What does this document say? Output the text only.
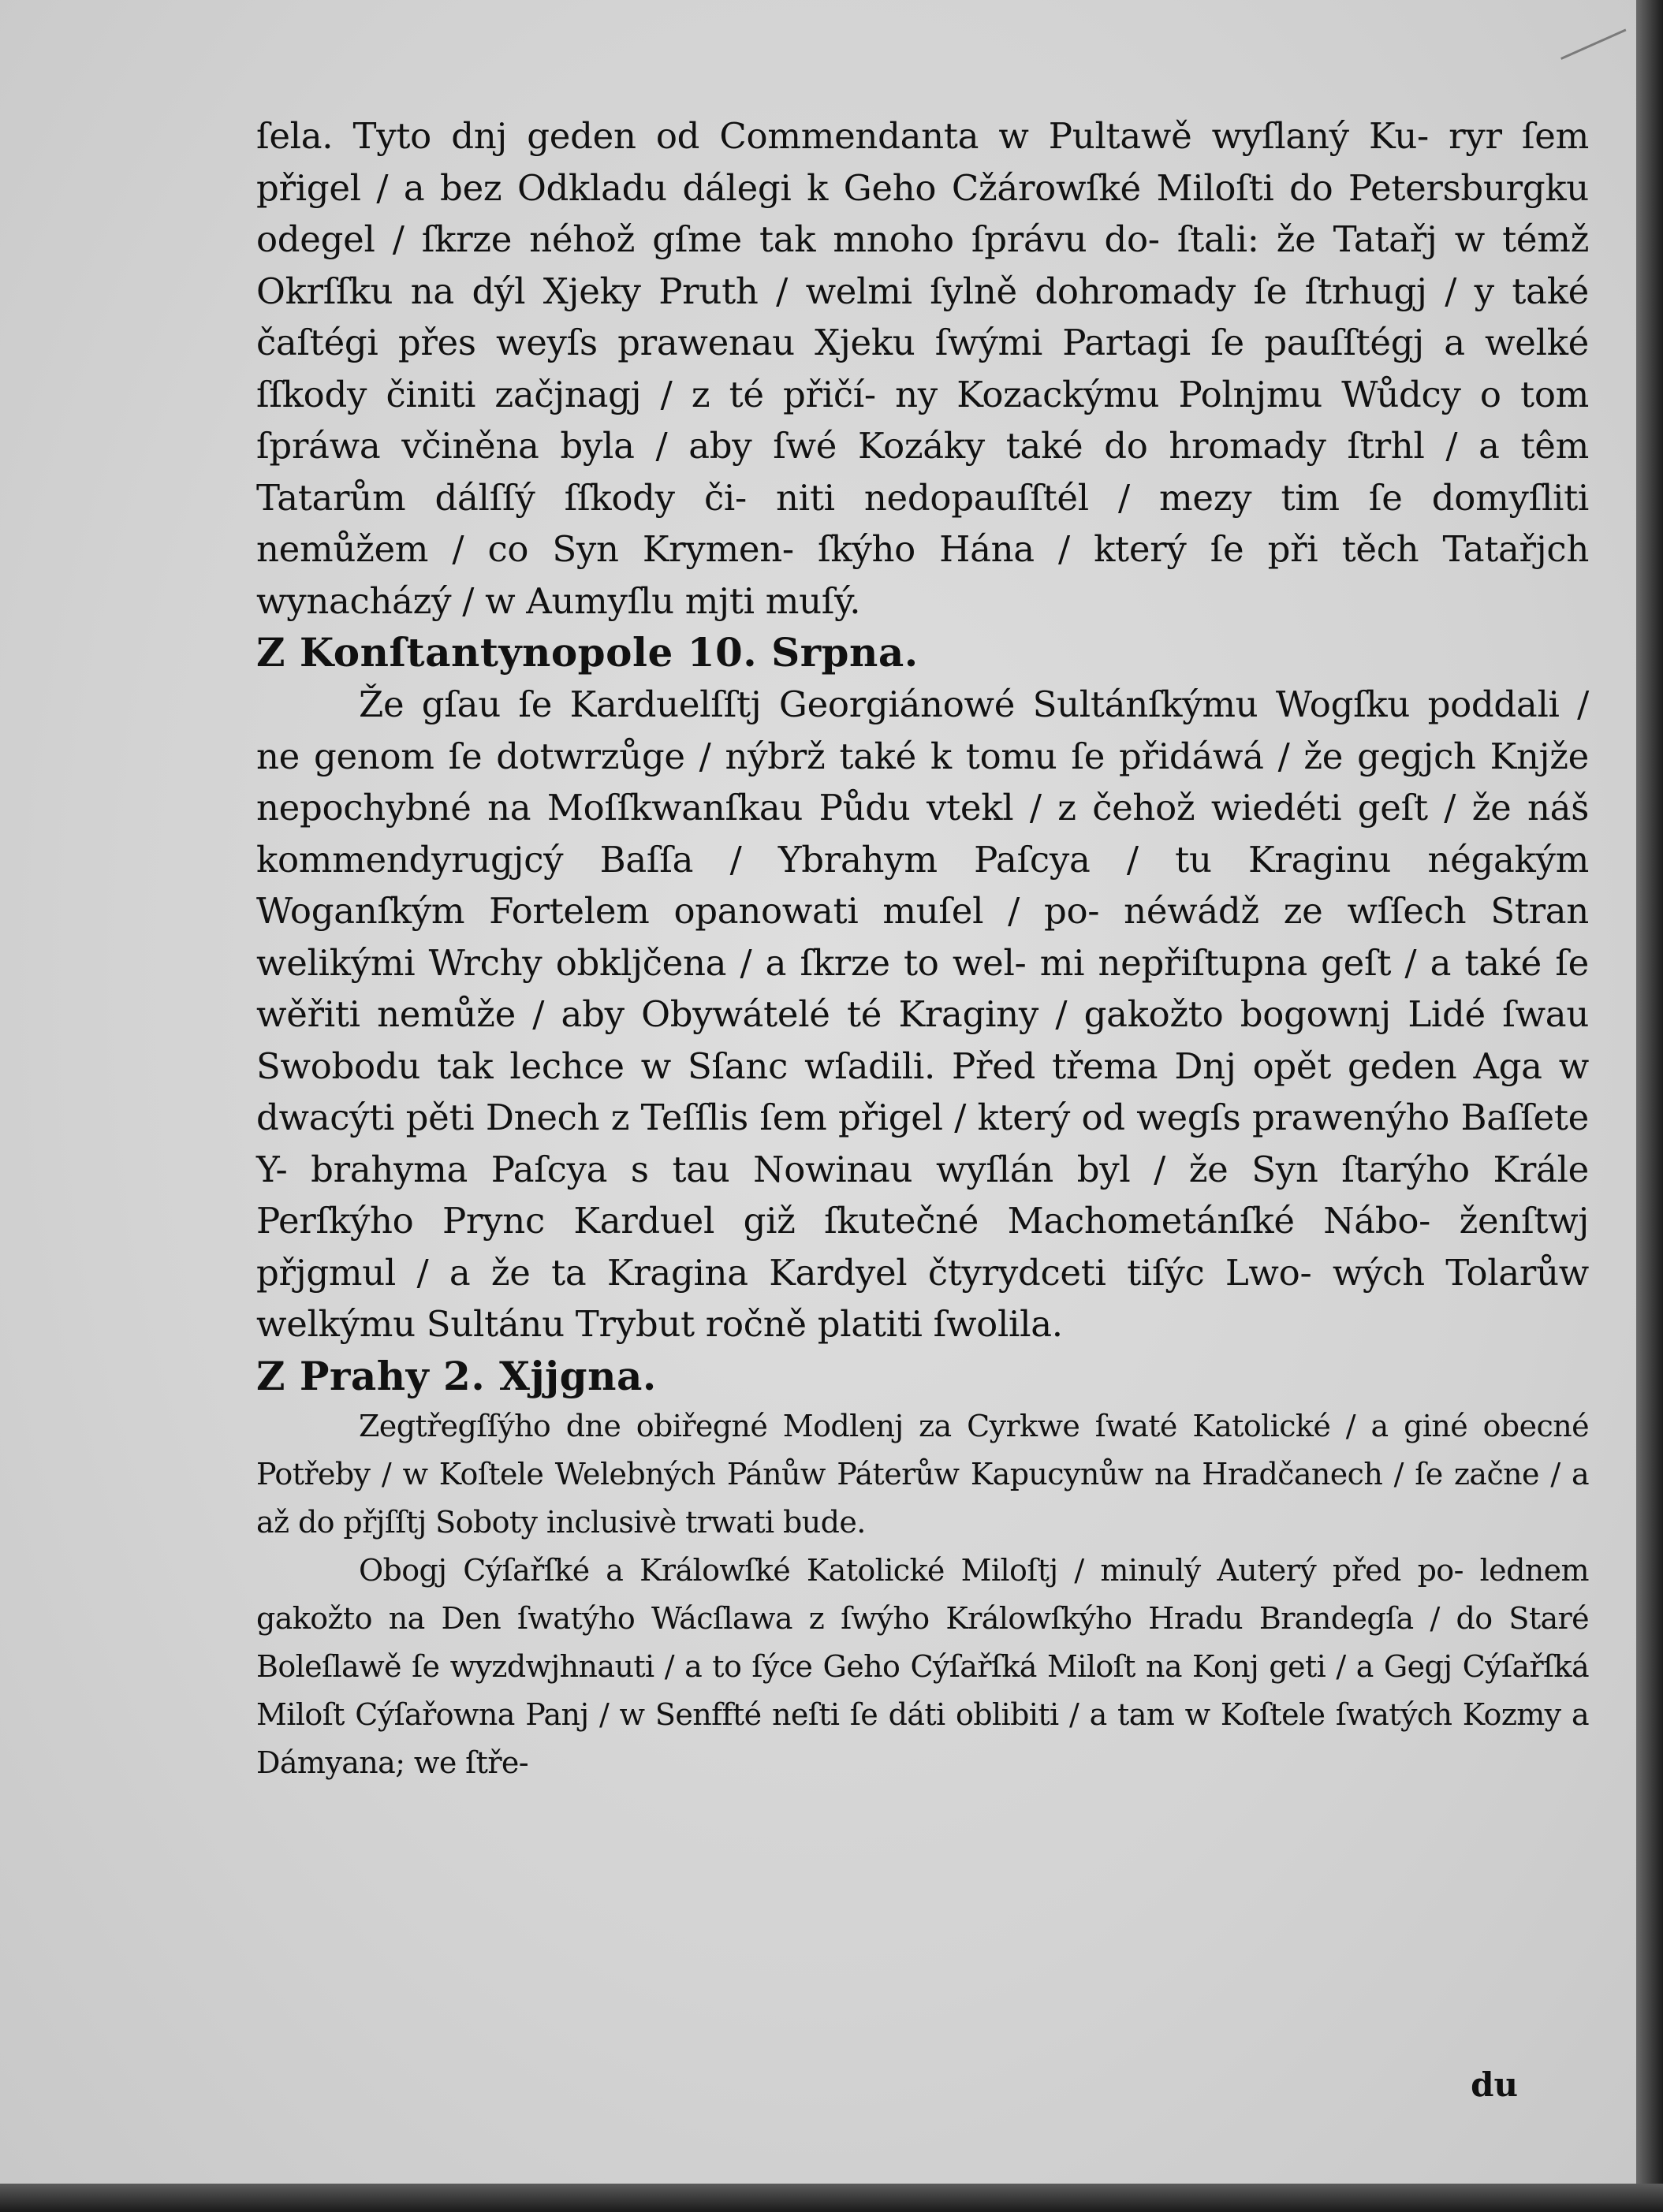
ſela. Tyto dnj geden od Commendanta w Pultawě wyſlaný Ku- ryr ſem přigel / a bez Odkladu dálegi k Geho Cžárowſké Miloſti do Petersburgku odegel / ſkrze néhož gſme tak mnoho ſprávu do- ſtali: že Tatařj w témž Okrſſku na dýl Xjeky Pruth / welmi ſylně dohromady ſe ſtrhugj / y také čaſtégi přes weyſs prawenau Xjeku ſwými Partagi ſe pauſſtégj a welké ſſkody činiti začjnagj / z té přičí- ny Kozackýmu Polnjmu Wůdcy o tom ſpráwa včiněna byla / aby ſwé Kozáky také do hromady ſtrhl / a têm Tatarům dálſſý ſſkody či- niti nedopauſſtél / mezy tim ſe domyſliti nemůžem / co Syn Krymen- ſkýho Hána / který ſe při těch Tatařjch wynacházý / w Aumyſlu mjti muſý.

Z Konſtantynopole 10. Srpna.

Že gſau ſe Karduelſſtj Georgiánowé Sultánſkýmu Wogſku poddali / ne genom ſe dotwrzůge / nýbrž také k tomu ſe přidáwá / že gegjch Knjže nepochybné na Moſſkwanſkau Půdu vtekl / z čehož wiedéti geſt / že náš kommendyrugjcý Baſſa / Ybrahym Paſcya / tu Kraginu négakým Woganſkým Fortelem opanowati muſel / po- néwádž ze wſſech Stran welikými Wrchy obkljčena / a ſkrze to wel- mi nepřiſtupna geſt / a také ſe wěřiti nemůže / aby Obywátelé té Kraginy / gakožto bogownj Lidé ſwau Swobodu tak lechce w Sſanc wſadili. Před třema Dnj opět geden Aga w dwacýti pěti Dnech z Teſſlis ſem přigel / který od wegſs prawenýho Baſſete Y- brahyma Paſcya s tau Nowinau wyſlán byl / že Syn ſtarýho Krále Perſkýho Prync Karduel giž ſkutečné Machometánſké Nábo- ženſtwj přjgmul / a že ta Kragina Kardyel čtyrydceti tiſýc Lwo- wých Tolarůw welkýmu Sultánu Trybut ročně platiti ſwolila.

Z Prahy 2. Xjjgna.

Zegtřegſſýho dne obiřegné Modlenj za Cyrkwe ſwaté Katolické / a giné obecné Potřeby / w Koſtele Welebných Pánůw Páterůw Kapucynůw na Hradčanech / ſe začne / a až do přjſſtj Soboty inclusivè trwati bude.

Obogj Cýſařſké a Králowſké Katolické Miloſtj / minulý Auterý před po- lednem gakožto na Den ſwatýho Wácſlawa z ſwýho Králowſkýho Hradu Brandegſa / do Staré Boleſlawě ſe wyzdwjhnauti / a to ſýce Geho Cýſařſká Miloſt na Konj geti / a Gegj Cýſařſká Miloſt Cýſařowna Panj / w Senffté neſti ſe dáti oblibiti / a tam w Koſtele ſwatých Kozmy a Dámyana; we ſtře-

du
